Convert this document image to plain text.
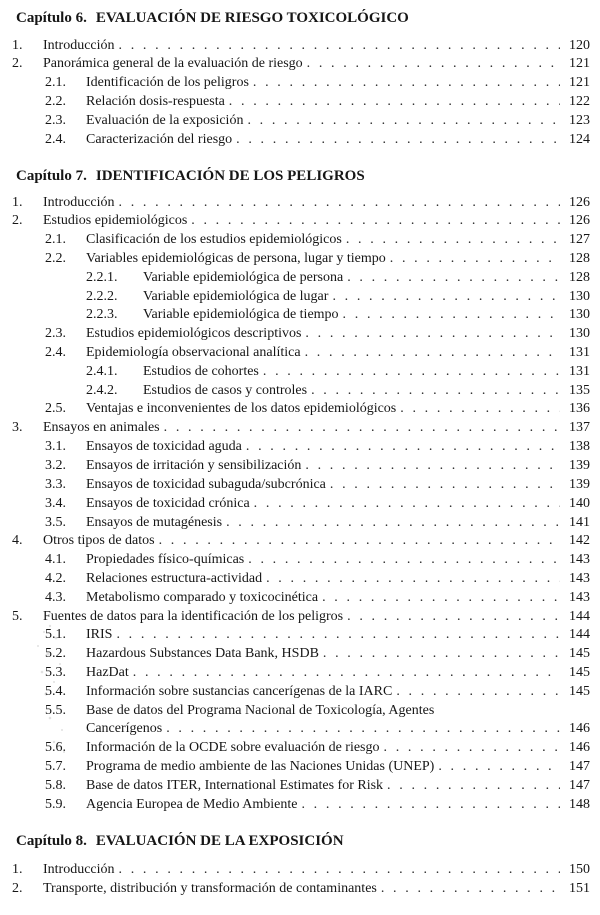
Capítulo 6. EVALUACIÓN DE RIESGO TOXICOLÓGICO
1.	Introducción . . .	120
2.	Panorámica general de la evaluación de riesgo . . .	121
2.1.	Identificación de los peligros . . .	121
2.2.	Relación dosis-respuesta . . .	122
2.3.	Evaluación de la exposición . . .	123
2.4.	Caracterización del riesgo . . .	124
Capítulo 7. IDENTIFICACIÓN DE LOS PELIGROS
1.	Introducción . . .	126
2.	Estudios epidemiológicos . . .	126
2.1.	Clasificación de los estudios epidemiológicos . . .	127
2.2.	Variables epidemiológicas de persona, lugar y tiempo . . .	128
2.2.1.	Variable epidemiológica de persona . . .	128
2.2.2.	Variable epidemiológica de lugar . . .	130
2.2.3.	Variable epidemiológica de tiempo . . .	130
2.3.	Estudios epidemiológicos descriptivos . . .	130
2.4.	Epidemiología observacional analítica . . .	131
2.4.1.	Estudios de cohortes . . .	131
2.4.2.	Estudios de casos y controles . . .	135
2.5.	Ventajas e inconvenientes de los datos epidemiológicos . . .	136
3.	Ensayos en animales . . .	137
3.1.	Ensayos de toxicidad aguda . . .	138
3.2.	Ensayos de irritación y sensibilización . . .	139
3.3.	Ensayos de toxicidad subaguda/subcrónica . . .	139
3.4.	Ensayos de toxicidad crónica . . .	140
3.5.	Ensayos de mutagénesis . . .	141
4.	Otros tipos de datos . . .	142
4.1.	Propiedades físico-químicas . . .	143
4.2.	Relaciones estructura-actividad . . .	143
4.3.	Metabolismo comparado y toxicocinética . . .	143
5.	Fuentes de datos para la identificación de los peligros . . .	144
5.1.	IRIS . . .	144
5.2.	Hazardous Substances Data Bank, HSDB . . .	145
5.3.	HazDat . . .	145
5.4.	Información sobre sustancias cancerígenas de la IARC . . .	145
5.5.	Base de datos del Programa Nacional de Toxicología, Agentes
Cancerígenos . . .	146
5.6.	Información de la OCDE sobre evaluación de riesgo . . .	146
5.7.	Programa de medio ambiente de las Naciones Unidas (UNEP) . . .	147
5.8.	Base de datos ITER, International Estimates for Risk . . .	147
5.9.	Agencia Europea de Medio Ambiente . . .	148
Capítulo 8. EVALUACIÓN DE LA EXPOSICIÓN
1.	Introducción . . .	150
2.	Transporte, distribución y transformación de contaminantes . . .	151
